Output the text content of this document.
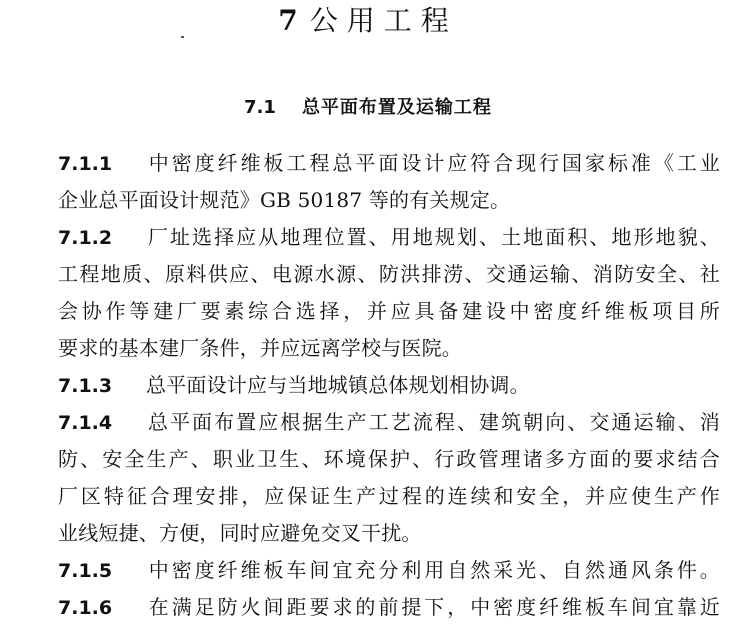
7 公用工程
7.1 总平面布置及运输工程
7.1.1 中密度纤维板工程总平面设计应符合现行国家标准《工业
企业总平面设计规范》GB 50187 等的有关规定。
7.1.2 厂址选择应从地理位置、用地规划、土地面积、地形地貌、
工程地质、原料供应、电源水源、防洪排涝、交通运输、消防安全、社
会协作等建厂要素综合选择，并应具备建设中密度纤维板项目所
要求的基本建厂条件，并应远离学校与医院。
7.1.3 总平面设计应与当地城镇总体规划相协调。
7.1.4 总平面布置应根据生产工艺流程、建筑朝向、交通运输、消
防、安全生产、职业卫生、环境保护、行政管理诸多方面的要求结合
厂区特征合理安排，应保证生产过程的连续和安全，并应使生产作
业线短捷、方便，同时应避免交叉干扰。
7.1.5 中密度纤维板车间宜充分利用自然采光、自然通风条件。
7.1.6 在满足防火间距要求的前提下，中密度纤维板车间宜靠近
